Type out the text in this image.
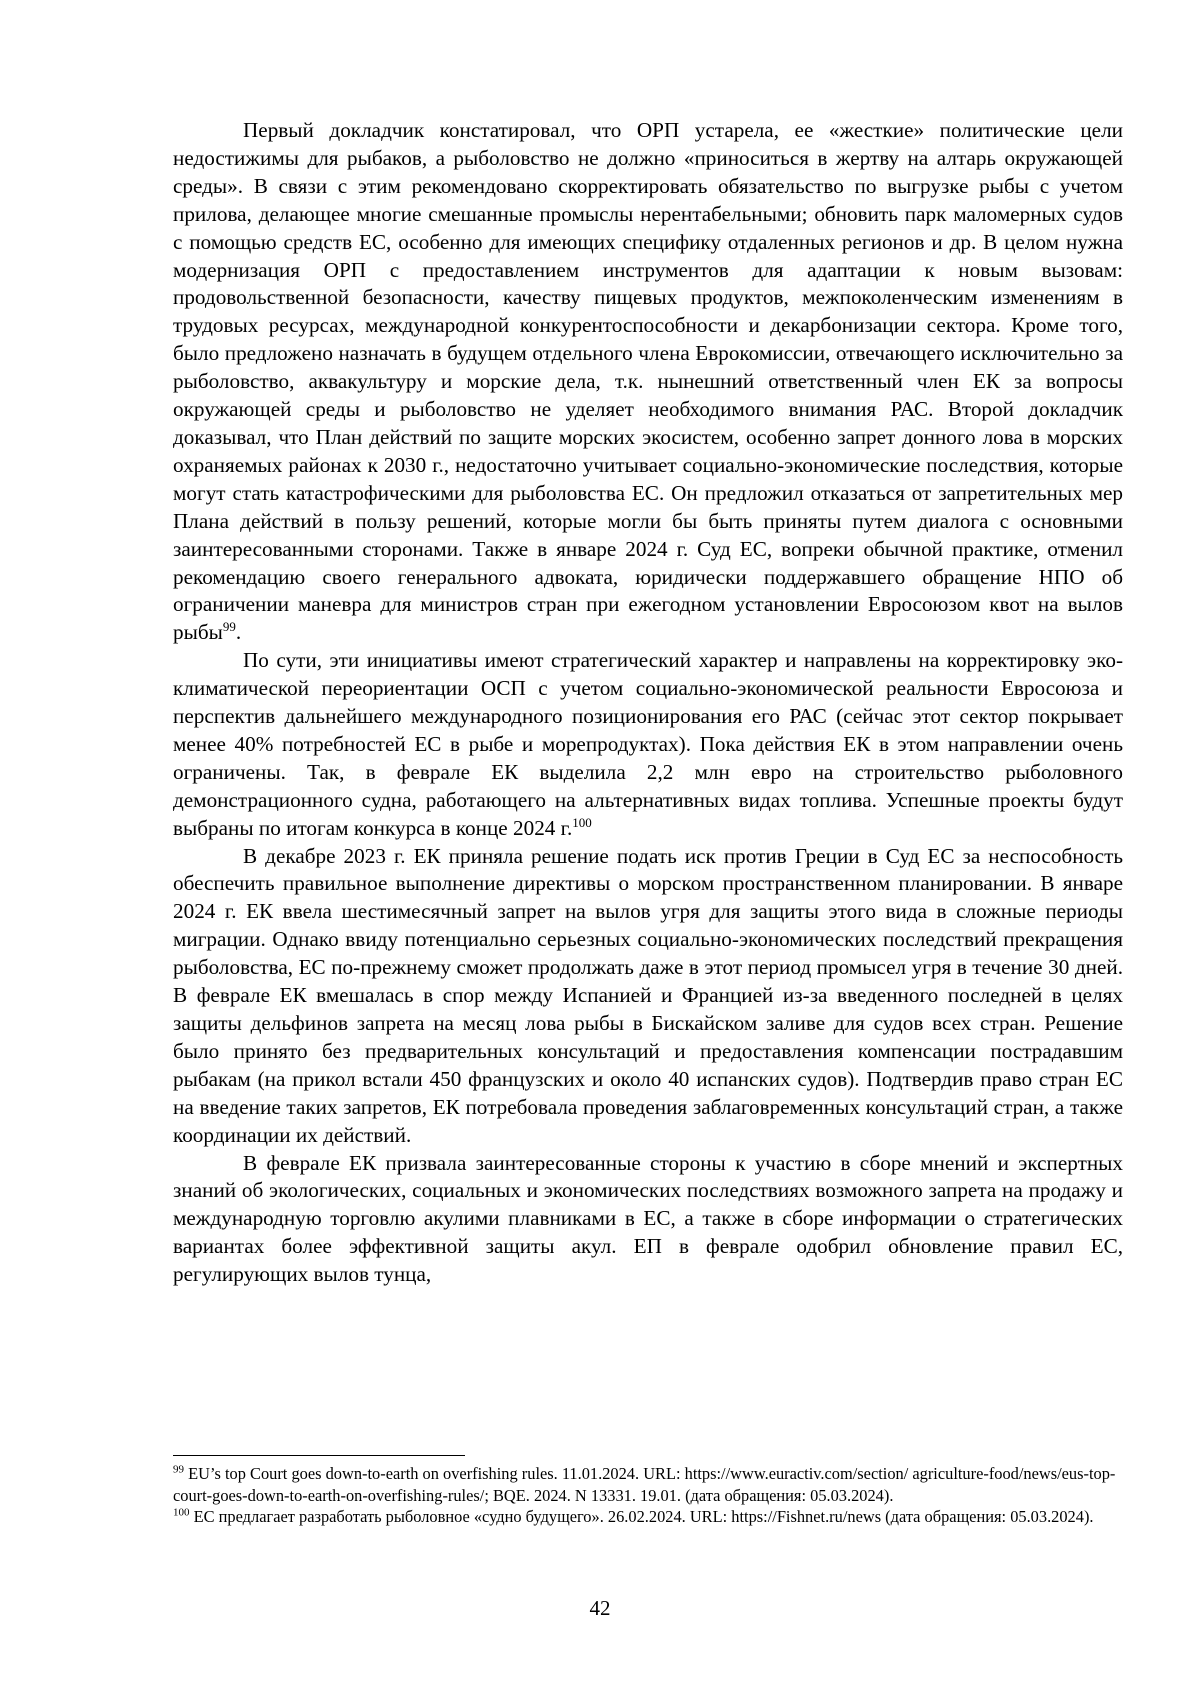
Первый докладчик констатировал, что ОРП устарела, ее «жесткие» политические цели недостижимы для рыбаков, а рыболовство не должно «приноситься в жертву на алтарь окружающей среды». В связи с этим рекомендовано скорректировать обязательство по выгрузке рыбы с учетом прилова, делающее многие смешанные промыслы нерентабельными; обновить парк маломерных судов с помощью средств ЕС, особенно для имеющих специфику отдаленных регионов и др. В целом нужна модернизация ОРП с предоставлением инструментов для адаптации к новым вызовам: продовольственной безопасности, качеству пищевых продуктов, межпоколенческим изменениям в трудовых ресурсах, международной конкурентоспособности и декарбонизации сектора. Кроме того, было предложено назначать в будущем отдельного члена Еврокомиссии, отвечающего исключительно за рыболовство, аквакультуру и морские дела, т.к. нынешний ответственный член ЕК за вопросы окружающей среды и рыболовство не уделяет необходимого внимания РАС. Второй докладчик доказывал, что План действий по защите морских экосистем, особенно запрет донного лова в морских охраняемых районах к 2030 г., недостаточно учитывает социально-экономические последствия, которые могут стать катастрофическими для рыболовства ЕС. Он предложил отказаться от запретительных мер Плана действий в пользу решений, которые могли бы быть приняты путем диалога с основными заинтересованными сторонами. Также в январе 2024 г. Суд ЕС, вопреки обычной практике, отменил рекомендацию своего генерального адвоката, юридически поддержавшего обращение НПО об ограничении маневра для министров стран при ежегодном установлении Евросоюзом квот на вылов рыбы$^{99}$.

По сути, эти инициативы имеют стратегический характер и направлены на корректировку эко-климатической переориентации ОСП с учетом социально-экономической реальности Евросоюза и перспектив дальнейшего международного позиционирования его РАС (сейчас этот сектор покрывает менее 40% потребностей ЕС в рыбе и морепродуктах). Пока действия ЕК в этом направлении очень ограничены. Так, в феврале ЕК выделила 2,2 млн евро на строительство рыболовного демонстрационного судна, работающего на альтернативных видах топлива. Успешные проекты будут выбраны по итогам конкурса в конце 2024 г.$^{100}$

В декабре 2023 г. ЕК приняла решение подать иск против Греции в Суд ЕС за неспособность обеспечить правильное выполнение директивы о морском пространственном планировании. В январе 2024 г. ЕК ввела шестимесячный запрет на вылов угря для защиты этого вида в сложные периоды миграции. Однако ввиду потенциально серьезных социально-экономических последствий прекращения рыболовства, ЕС по-прежнему сможет продолжать даже в этот период промысел угря в течение 30 дней. В феврале ЕК вмешалась в спор между Испанией и Францией из-за введенного последней в целях защиты дельфинов запрета на месяц лова рыбы в Бискайском заливе для судов всех стран. Решение было принято без предварительных консультаций и предоставления компенсации пострадавшим рыбакам (на прикол встали 450 французских и около 40 испанских судов). Подтвердив право стран ЕС на введение таких запретов, ЕК потребовала проведения заблаговременных консультаций стран, а также координации их действий.

В феврале ЕК призвала заинтересованные стороны к участию в сборе мнений и экспертных знаний об экологических, социальных и экономических последствиях возможного запрета на продажу и международную торговлю акулими плавниками в ЕС, а также в сборе информации о стратегических вариантах более эффективной защиты акул. ЕП в феврале одобрил обновление правил ЕС, регулирующих вылов тунца,

$^{99}$ EU’s top Court goes down-to-earth on overfishing rules. 11.01.2024. URL: https://www.euractiv.com/section/ agriculture-food/news/eus-top-court-goes-down-to-earth-on-overfishing-rules/; BQE. 2024. N 13331. 19.01. (дата обращения: 05.03.2024).

$^{100}$ ЕС предлагает разработать рыболовное «судно будущего». 26.02.2024. URL: https://Fishnet.ru/news (дата обращения: 05.03.2024).

42
